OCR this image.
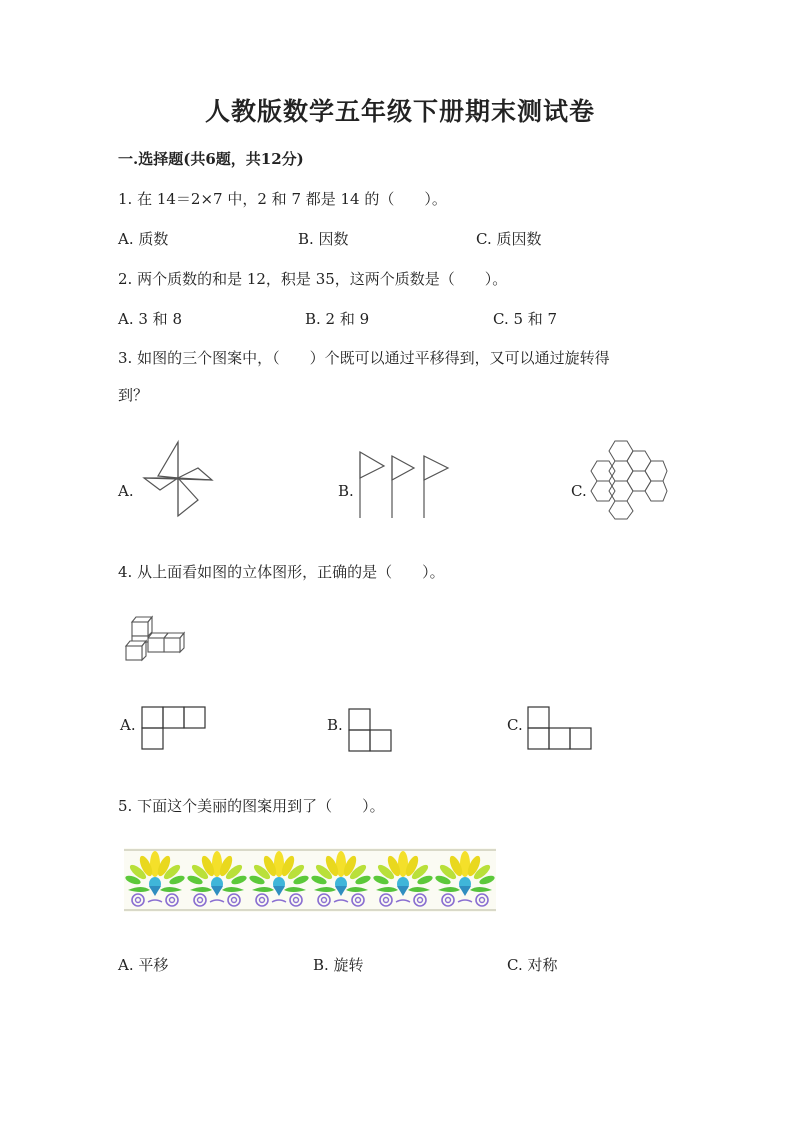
人教版数学五年级下册期末测试卷
一.选择题(共6题，共12分)
1. 在 14＝2×7 中，2 和 7 都是 14 的（　　）。
A. 质数	B. 因数	C. 质因数
2. 两个质数的和是 12，积是 35，这两个质数是（　　）。
A. 3 和 8	B. 2 和 9	C. 5 和 7
3. 如图的三个图案中，（　　）个既可以通过平移得到，又可以通过旋转得
到？
A.	B.	C.
4. 从上面看如图的立体图形，正确的是（　　）。
A.	B.	C.
5. 下面这个美丽的图案用到了（　　）。
A. 平移	B. 旋转	C. 对称
